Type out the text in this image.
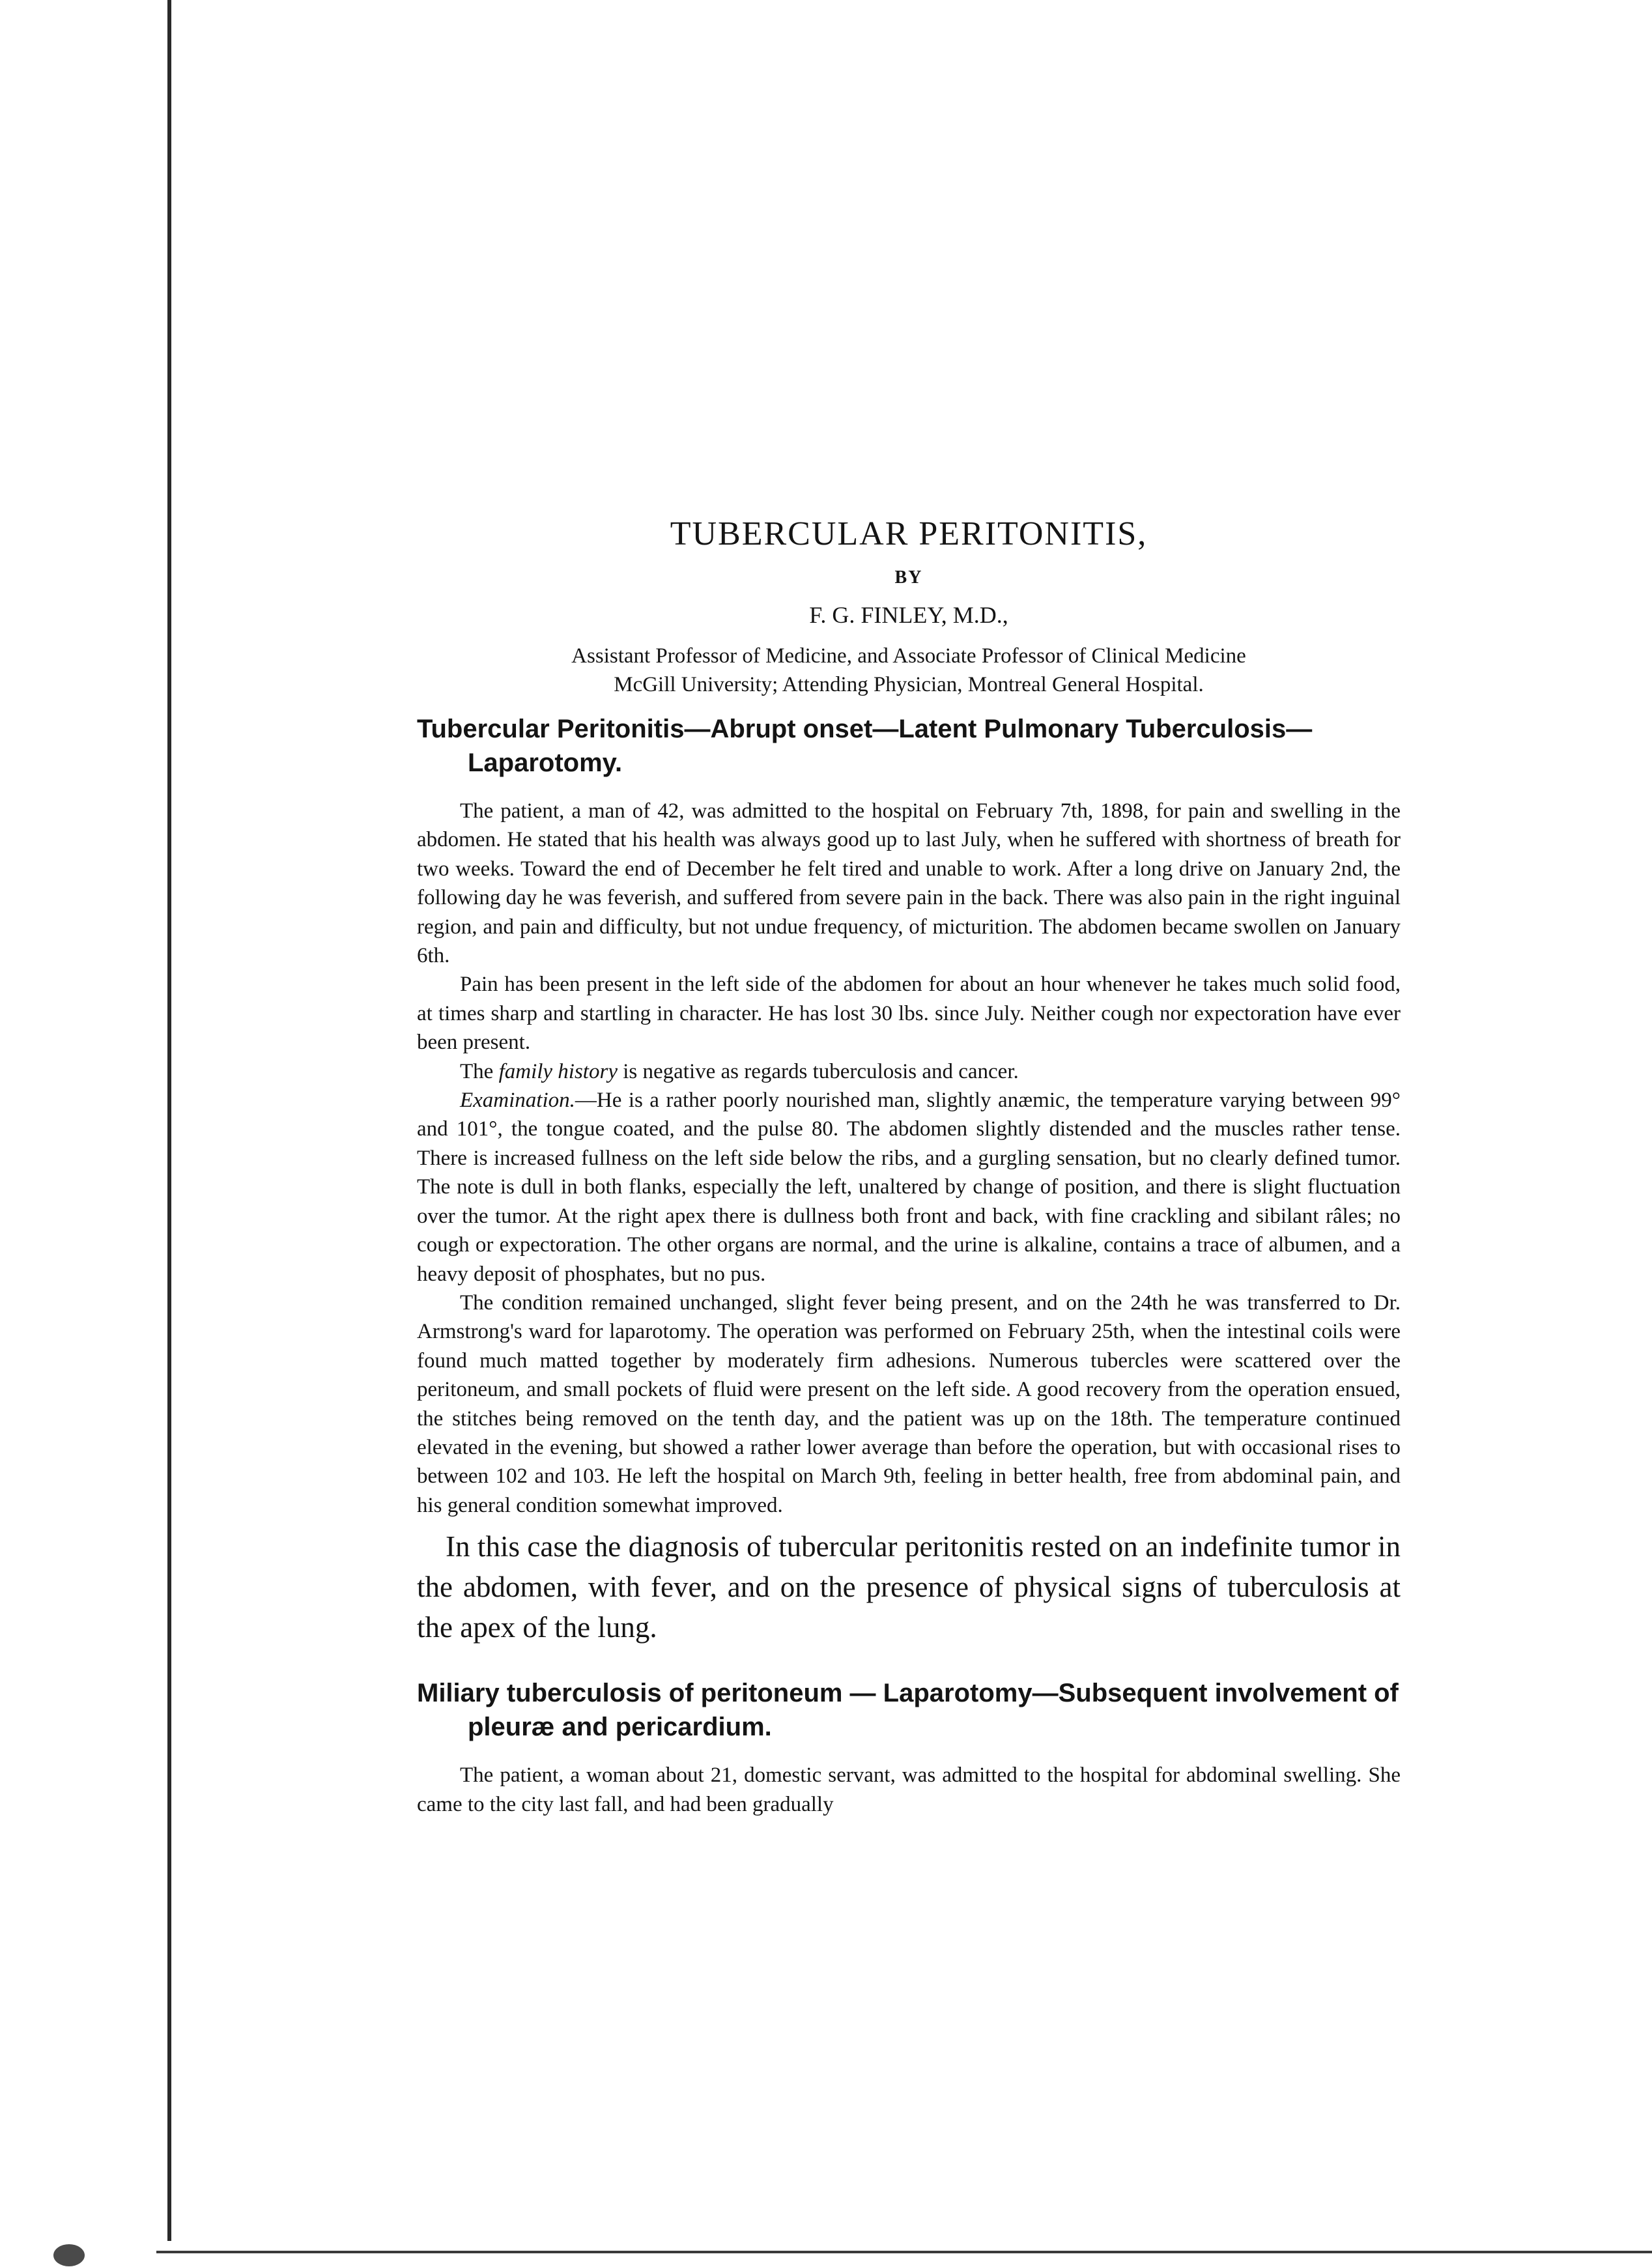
TUBERCULAR PERITONITIS,
BY
F. G. FINLEY, M.D.,
Assistant Professor of Medicine, and Associate Professor of Clinical Medicine
McGill University; Attending Physician, Montreal General Hospital.
Tubercular Peritonitis—Abrupt onset—Latent Pulmonary Tuberculosis—Laparotomy.

The patient, a man of 42, was admitted to the hospital on February 7th, 1898, for pain and swelling in the abdomen. He stated that his health was always good up to last July, when he suffered with shortness of breath for two weeks. Toward the end of December he felt tired and unable to work. After a long drive on January 2nd, the following day he was feverish, and suffered from severe pain in the back. There was also pain in the right inguinal region, and pain and difficulty, but not undue frequency, of micturition. The abdomen became swollen on January 6th.

Pain has been present in the left side of the abdomen for about an hour whenever he takes much solid food, at times sharp and startling in character. He has lost 30 lbs. since July. Neither cough nor expectoration have ever been present.

The family history is negative as regards tuberculosis and cancer.

Examination.—He is a rather poorly nourished man, slightly anæmic, the temperature varying between 99° and 101°, the tongue coated, and the pulse 80. The abdomen slightly distended and the muscles rather tense. There is increased fullness on the left side below the ribs, and a gurgling sensation, but no clearly defined tumor. The note is dull in both flanks, especially the left, unaltered by change of position, and there is slight fluctuation over the tumor. At the right apex there is dullness both front and back, with fine crackling and sibilant râles; no cough or expectoration. The other organs are normal, and the urine is alkaline, contains a trace of albumen, and a heavy deposit of phosphates, but no pus.

The condition remained unchanged, slight fever being present, and on the 24th he was transferred to Dr. Armstrong's ward for laparotomy. The operation was performed on February 25th, when the intestinal coils were found much matted together by moderately firm adhesions. Numerous tubercles were scattered over the peritoneum, and small pockets of fluid were present on the left side. A good recovery from the operation ensued, the stitches being removed on the tenth day, and the patient was up on the 18th. The temperature continued elevated in the evening, but showed a rather lower average than before the operation, but with occasional rises to between 102 and 103. He left the hospital on March 9th, feeling in better health, free from abdominal pain, and his general condition somewhat improved.

In this case the diagnosis of tubercular peritonitis rested on an indefinite tumor in the abdomen, with fever, and on the presence of physical signs of tuberculosis at the apex of the lung.

Miliary tuberculosis of peritoneum — Laparotomy—Subsequent involvement of pleuræ and pericardium.

The patient, a woman about 21, domestic servant, was admitted to the hospital for abdominal swelling. She came to the city last fall, and had been gradually
